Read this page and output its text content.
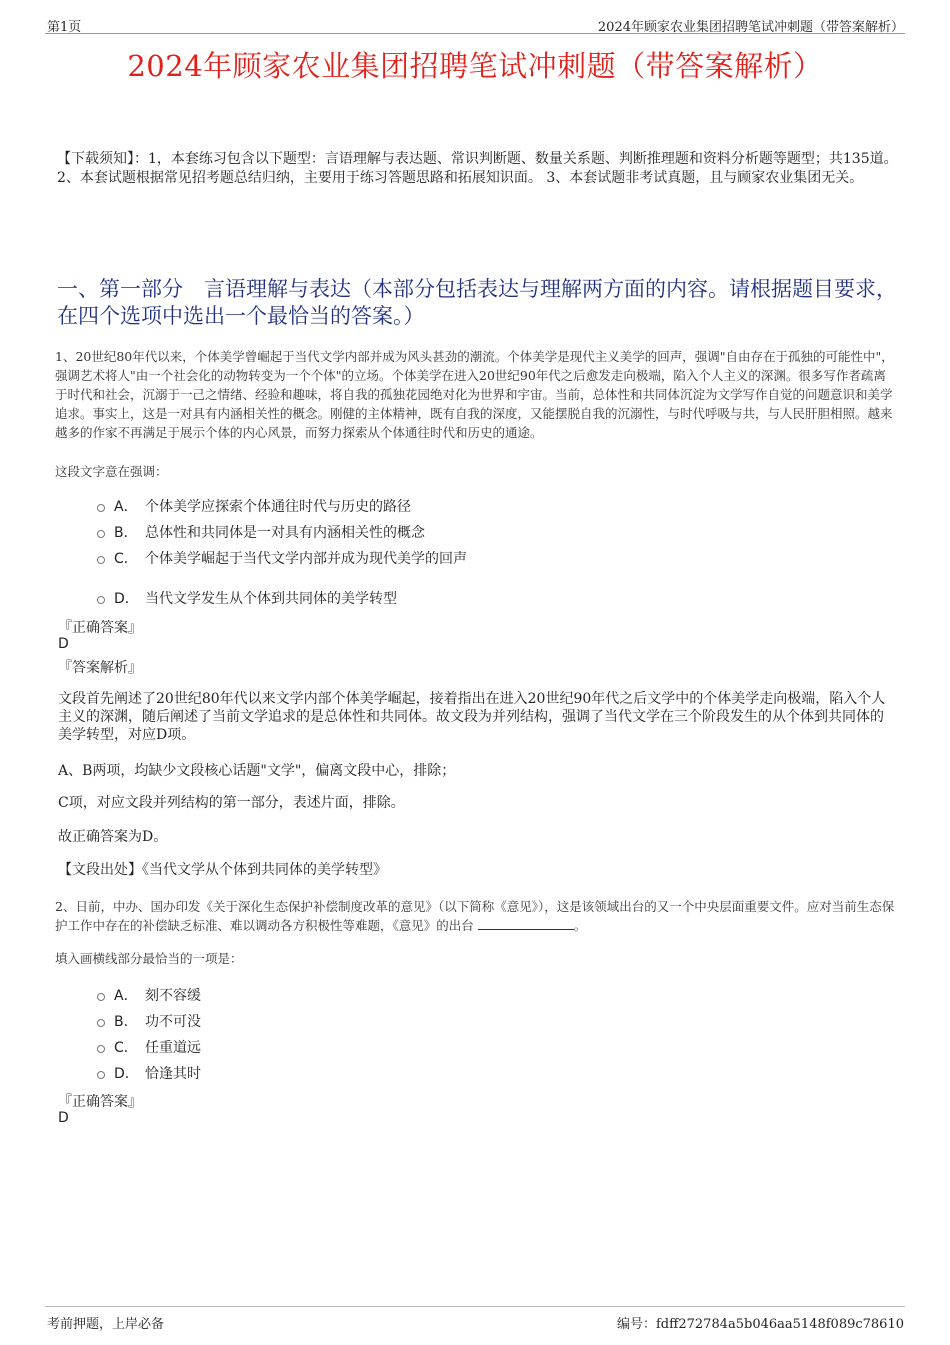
第1页	2024年顾家农业集团招聘笔试冲刺题（带答案解析）
2024年顾家农业集团招聘笔试冲刺题（带答案解析）
【下载须知】：1，本套练习包含以下题型：言语理解与表达题、常识判断题、数量关系题、判断推理题和资料分析题等题型；共135道。 2、本套试题根据常见招考题总结归纳，主要用于练习答题思路和拓展知识面。 3、本套试题非考试真题，且与顾家农业集团无关。
一、第一部分　言语理解与表达（本部分包括表达与理解两方面的内容。请根据题目要求，在四个选项中选出一个最恰当的答案。）
1、20世纪80年代以来，个体美学曾崛起于当代文学内部并成为风头甚劲的潮流。个体美学是现代主义美学的回声，强调"自由存在于孤独的可能性中"，强调艺术将人"由一个社会化的动物转变为一个个体"的立场。个体美学在进入20世纪90年代之后愈发走向极端，陷入个人主义的深渊。很多写作者疏离于时代和社会，沉溺于一己之情绪、经验和趣味，将自我的孤独花园绝对化为世界和宇宙。当前，总体性和共同体沉淀为文学写作自觉的问题意识和美学追求。事实上，这是一对具有内涵相关性的概念。刚健的主体精神，既有自我的深度，又能摆脱自我的沉溺性，与时代呼吸与共，与人民肝胆相照。越来越多的作家不再满足于展示个体的内心风景，而努力探索从个体通往时代和历史的通途。
这段文字意在强调：
A． 个体美学应探索个体通往时代与历史的路径
B． 总体性和共同体是一对具有内涵相关性的概念
C． 个体美学崛起于当代文学内部并成为现代美学的回声
D． 当代文学发生从个体到共同体的美学转型
『正确答案』
D
『答案解析』
文段首先阐述了20世纪80年代以来文学内部个体美学崛起，接着指出在进入20世纪90年代之后文学中的个体美学走向极端，陷入个人主义的深渊，随后阐述了当前文学追求的是总体性和共同体。故文段为并列结构，强调了当代文学在三个阶段发生的从个体到共同体的美学转型，对应D项。
A、B两项，均缺少文段核心话题"文学"，偏离文段中心，排除；
C项，对应文段并列结构的第一部分，表述片面，排除。
故正确答案为D。
【文段出处】《当代文学从个体到共同体的美学转型》
2、日前，中办、国办印发《关于深化生态保护补偿制度改革的意见》（以下简称《意见》），这是该领域出台的又一个中央层面重要文件。应对当前生态保护工作中存在的补偿缺乏标准、难以调动各方积极性等难题，《意见》的出台	。
填入画横线部分最恰当的一项是：
A． 刻不容缓
B． 功不可没
C． 任重道远
D． 恰逢其时
『正确答案』
D
考前押题，上岸必备	编号：fdff272784a5b046aa5148f089c78610
